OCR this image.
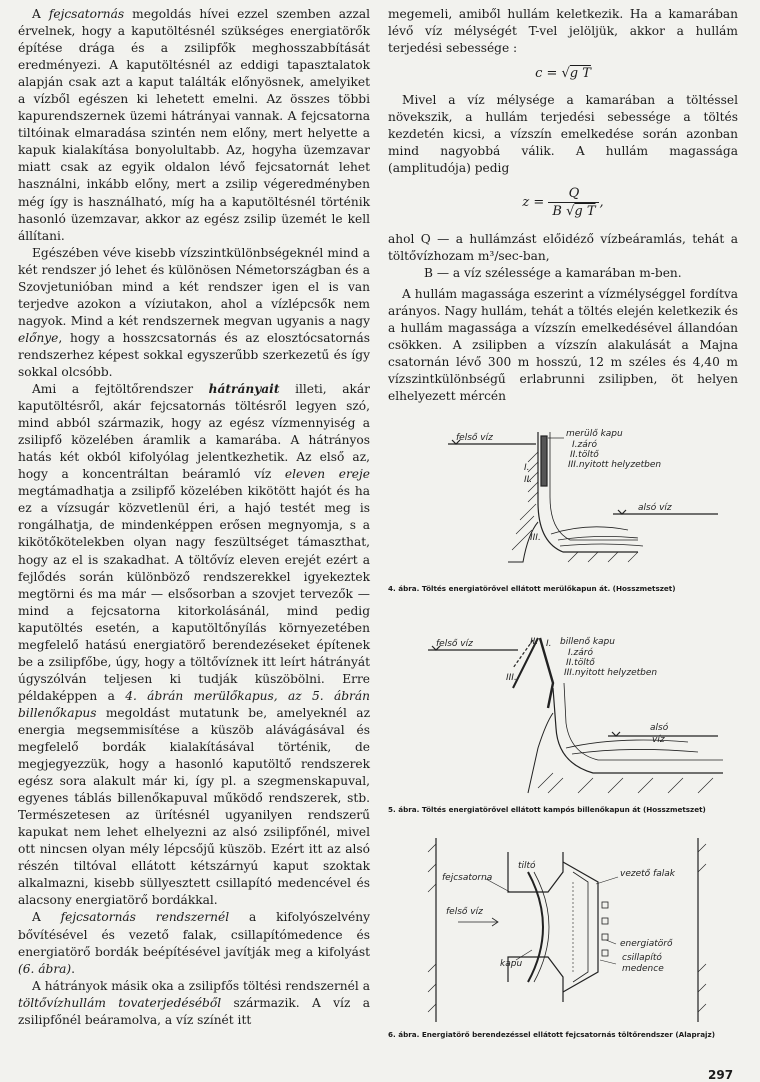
A fejcsatornás megoldás hívei ezzel szemben azzal érvelnek, hogy a kaputöltésnél szükséges energiatörők építése drága és a zsilipfők meghosszabbítását eredményezi. A kaputöltésnél az eddigi tapasztalatok alapján csak azt a kaput találták előnyösnek, amelyiket a vízből egészen ki lehetett emelni. Az összes többi kapurendszernek üzemi hátrányai vannak. A fejcsatorna tiltóinak elmaradása szintén nem előny, mert helyette a kapuk kialakítása bonyolultabb. Az, hogyha üzemzavar miatt csak az egyik oldalon lévő fejcsatornát lehet használni, inkább előny, mert a zsilip végeredményben még így is használható, míg ha a kaputöltésnél történik hasonló üzemzavar, akkor az egész zsilip üzemét le kell állítani.

Egészében véve kisebb vízszintkülönbségeknél mind a két rendszer jó lehet és különösen Németországban és a Szovjetunióban mind a két rendszer igen el is van terjedve azokon a víziutakon, ahol a vízlépcsők nem nagyok. Mind a két rendszernek megvan ugyanis a nagy előnye, hogy a hosszcsatornás és az elosztócsatornás rendszerhez képest sokkal egyszerűbb szerkezetű és így sokkal olcsóbb.

Ami a fejtöltőrendszer hátrányait illeti, akár kaputöltésről, akár fejcsatornás töltésről legyen szó, mind abból származik, hogy az egész vízmennyiség a zsilipfő közelében áramlik a kamarába. A hátrányos hatás két okból kifolyólag jelentkezhetik. Az első az, hogy a koncentráltan beáramló víz eleven ereje megtámadhatja a zsilipfő közelében kikötött hajót és ha ez a vízsugár közvetlenül éri, a hajó testét meg is rongálhatja, de mindenképpen erősen megnyomja, s a kikötőkötelekben olyan nagy feszültséget támaszthat, hogy az el is szakadhat. A töltővíz eleven erejét ezért a fejlődés során különböző rendszerekkel igyekeztek megtörni és ma már — elsősorban a szovjet tervezők — mind a fejcsatorna kitorkolásánál, mind pedig kaputöltés esetén, a kaputöltőnyílás környezetében megfelelő hatású energiatörő berendezéseket építenek be a zsilipfőbe, úgy, hogy a töltővíznek itt leírt hátrányát úgyszólván teljesen ki tudják küszöbölni. Erre példaképpen a 4. ábrán merülőkapus, az 5. ábrán billenőkapus megoldást mutatunk be, amelyeknél az energia megsemmisítése a küszöb alávágásával és megfelelő bordák kialakításával történik, de megjegyezzük, hogy a hasonló kaputöltő rendszerek egész sora alakult már ki, így pl. a szegmenskapuval, egyenes táblás billenőkapuval működő rendszerek, stb. Természetesen az ürítésnél ugyanilyen rendszerű kapukat nem lehet elhelyezni az alsó zsilipfőnél, mivel ott nincsen olyan mély lépcsőjű küszöb. Ezért itt az alsó részén tiltóval ellátott kétszárnyú kaput szoktak alkalmazni, kisebb süllyesztett csillapító medencével és alacsony energiatörő bordákkal.

A fejcsatornás rendszernél a kifolyószelvény bővítésével és vezető falak, csillapítómedence és energiatörő bordák beépítésével javítják meg a kifolyást (6. ábra).

A hátrányok másik oka a zsilipfős töltési rendszernél a töltővízhullám tovaterjedéséből származik. A víz a zsilipfőnél beáramolva, a víz színét itt

megemeli, amiből hullám keletkezik. Ha a kamarában lévő víz mélységét T-vel jelöljük, akkor a hullám terjedési sebessége :

c = √g T

Mivel a víz mélysége a kamarában a töltéssel növekszik, a hullám terjedési sebessége a töltés kezdetén kicsi, a vízszín emelkedése során azonban mind nagyobbá válik. A hullám magassága (amplitudója) pedig

$z = \frac{Q}{\text{B √g T}}$ ,
ahol Q — a hullámzást előidéző vízbeáramlás, tehát a töltővízhozam m³/sec-ban,
B — a víz szélessége a kamarában m-ben.

A hullám magassága eszerint a vízmélységgel fordítva arányos. Nagy hullám, tehát a töltés elején keletkezik és a hullám magassága a vízszín emelkedésével állandóan csökken. A zsilipben a vízszín alakulását a Majna csatornán lévő 300 m hosszú, 12 m széles és 4,40 m vízszintkülönbségű erlabrunni zsilipben, öt helyen elhelyezett mércén

felső víz	merülő kapu
I.záró
II.töltő
III.nyitott helyzetben
I.
II.
III.
alsó víz
4. ábra. Töltés energiatörővel ellátott merülőkapun át. (Hosszmetszet)
felső víz	billenő kapu
I.záró
II.töltő
III.nyitott helyzetben
I.
II.
III.
alsó
víz
5. ábra. Töltés energiatörővel ellátott kampós billenőkapun át (Hosszmetszet)
fejcsatorna
tiltó
vezető falak
felső víz
kapu
energiatörő
csillapító
medence
6. ábra. Energiatörő berendezéssel ellátott fejcsatornás töltőrendszer (Alaprajz)
297
